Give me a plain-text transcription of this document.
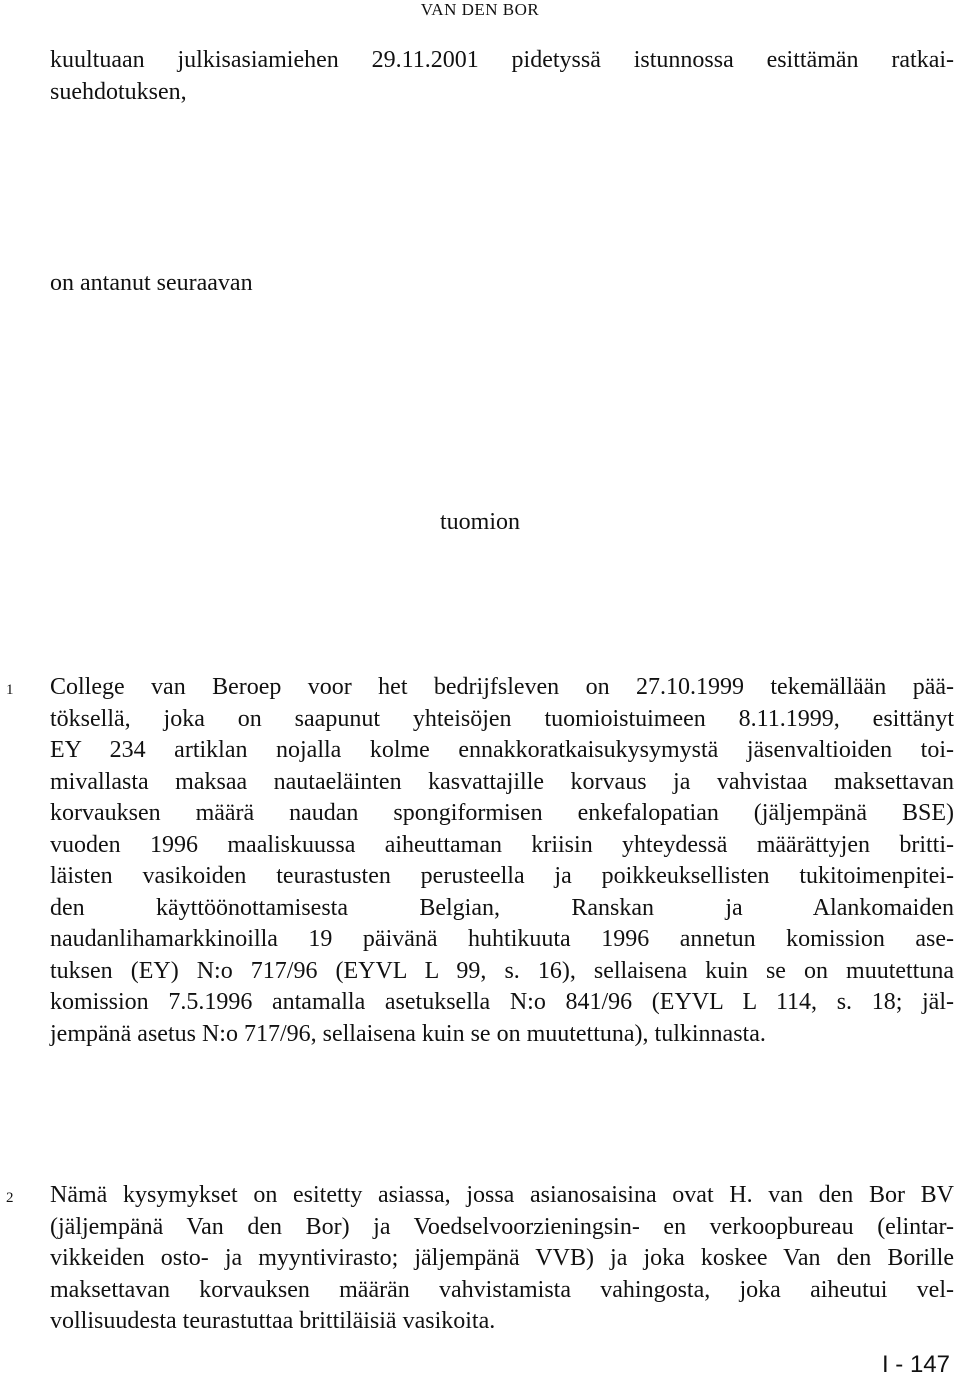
VAN DEN BOR
kuultuaan julkisasiamiehen 29.11.2001 pidetyssä istunnossa esittämän ratkai-
suehdotuksen,
on antanut seuraavan
tuomion
1 College van Beroep voor het bedrijfsleven on 27.10.1999 tekemällään pää-
töksellä, joka on saapunut yhteisöjen tuomioistuimeen 8.11.1999, esittänyt
EY 234 artiklan nojalla kolme ennakkoratkaisukysymystä jäsenvaltioiden toi-
mivallasta maksaa nautaeläinten kasvattajille korvaus ja vahvistaa maksettavan
korvauksen määrä naudan spongiformisen enkefalopatian (jäljempänä BSE)
vuoden 1996 maaliskuussa aiheuttaman kriisin yhteydessä määrättyjen britti-
läisten vasikoiden teurastusten perusteella ja poikkeuksellisten tukitoimenpitei-
den käyttöönottamisesta Belgian, Ranskan ja Alankomaiden
naudanlihamarkkinoilla 19 päivänä huhtikuuta 1996 annetun komission ase-
tuksen (EY) N:o 717/96 (EYVL L 99, s. 16), sellaisena kuin se on muutettuna
komission 7.5.1996 antamalla asetuksella N:o 841/96 (EYVL L 114, s. 18; jäl-
jempänä asetus N:o 717/96, sellaisena kuin se on muutettuna), tulkinnasta.
2 Nämä kysymykset on esitetty asiassa, jossa asianosaisina ovat H. van den Bor BV
(jäljempänä Van den Bor) ja Voedselvoorzieningsin- en verkoopbureau (elintar-
vikkeiden osto- ja myyntivirasto; jäljempänä VVB) ja joka koskee Van den Borille
maksettavan korvauksen määrän vahvistamista vahingosta, joka aiheutui vel-
vollisuudesta teurastuttaa brittiläisiä vasikoita.
I - 147
